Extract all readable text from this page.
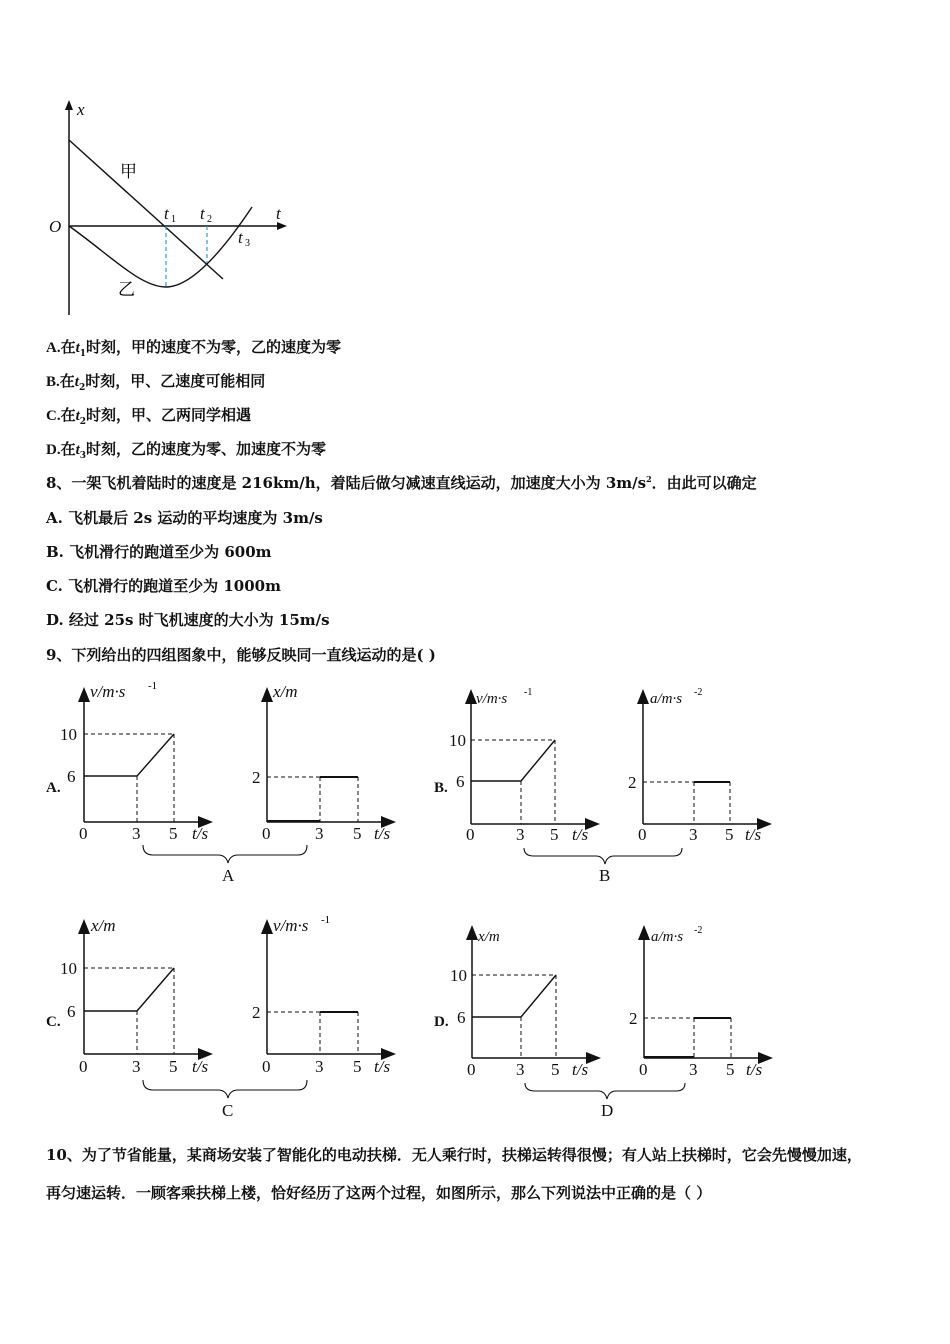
x
t
O
甲
乙
t 1 t 2
t 3
A.在$t_1$时刻，甲的速度不为零，乙的速度为零
B.在$t_2$时刻，甲、乙速度可能相同
C.在$t_2$时刻，甲、乙两同学相遇
D.在$t_3$时刻，乙的速度为零、加速度不为零
8、一架飞机着陆时的速度是 216km/h，着陆后做匀减速直线运动，加速度大小为 $3m/s^2$．由此可以确定
A. 飞机最后 2s 运动的平均速度为 3m/s
B. 飞机滑行的跑道至少为 600m
C. 飞机滑行的跑道至少为 1000m
D. 经过 25s 时飞机速度的大小为 15m/s
9、下列给出的四组图象中，能够反映同一直线运动的是( )
A.
v/m·s -1
10
6
0	3 5 t/s
x/m
2
0	3 5 t/s
A
B.
v/m·s -1
10
6
0 3 5 t/s
a/m·s -2
2
0	3 5 t/s
B
C.
x/m
10
6
0	3 5 t/s
v/m·s -1
2
0	3 5 t/s
C
D.
x/m
10
6
0 3 5 t/s
a/m·s -2
2
0 3 5 t/s
D
10、为了节省能量，某商场安装了智能化的电动扶梯．无人乘行时，扶梯运转得很慢；有人站上扶梯时，它会先慢慢加速，
再匀速运转．一顾客乘扶梯上楼，恰好经历了这两个过程，如图所示，那么下列说法中正确的是（ ）
